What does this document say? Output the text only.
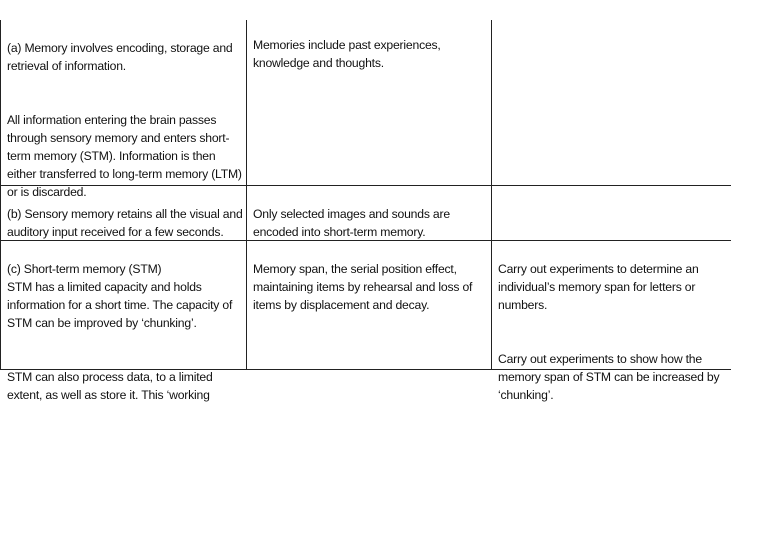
(a) Memory involves encoding, storage and
retrieval of information.

All information entering the brain passes
through sensory memory and enters short-
term memory (STM). Information is then
either transferred to long-term memory (LTM)
or is discarded.

Memories include past experiences,
knowledge and thoughts.

(b) Sensory memory retains all the visual and
auditory input received for a few seconds.

Only selected images and sounds are
encoded into short-term memory.

(c) Short-term memory (STM)
STM has a limited capacity and holds
information for a short time. The capacity of
STM can be improved by ‘chunking’.

STM can also process data, to a limited
extent, as well as store it. This ‘working

Memory span, the serial position effect,
maintaining items by rehearsal and loss of
items by displacement and decay.

Carry out experiments to determine an
individual’s memory span for letters or
numbers.

Carry out experiments to show how the
memory span of STM can be increased by
‘chunking’.
